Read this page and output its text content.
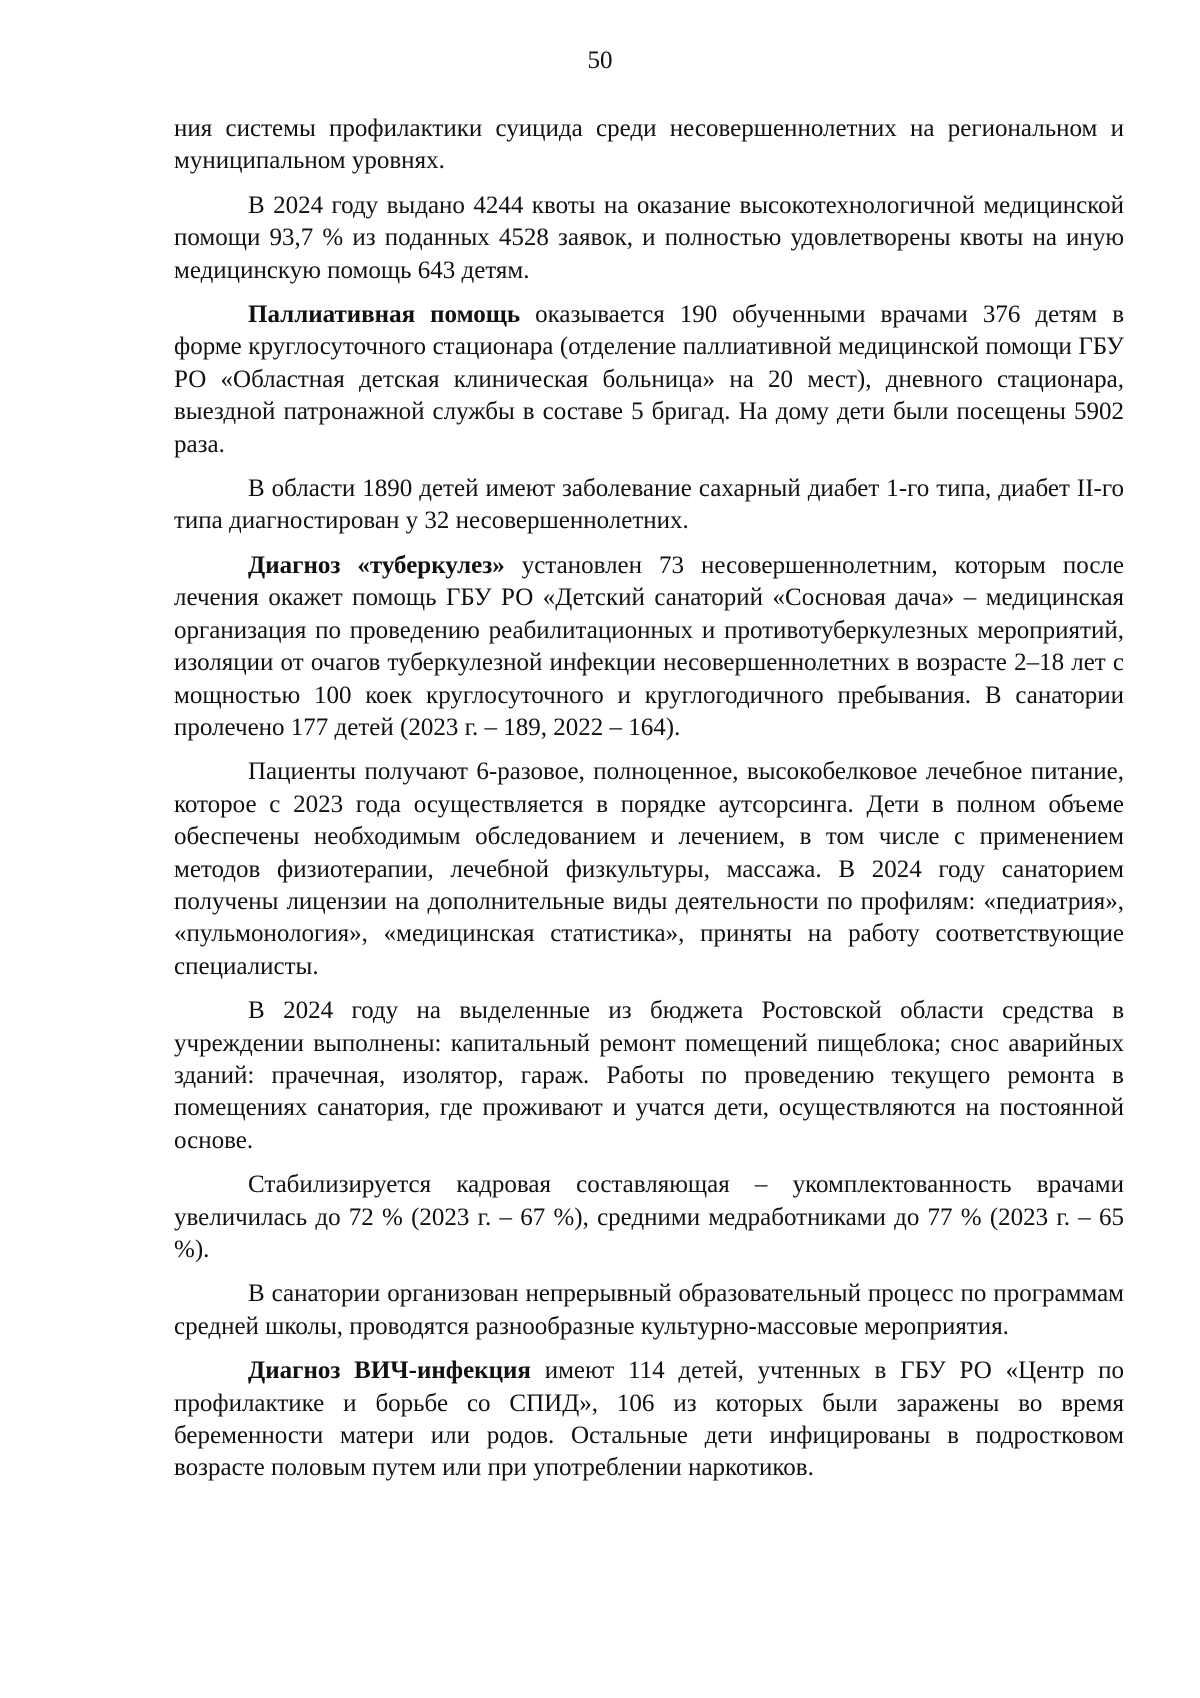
50

ния системы профилактики суицида среди несовершеннолетних на региональном и муниципальном уровнях.

В 2024 году выдано 4244 квоты на оказание высокотехнологичной медицинской помощи 93,7 % из поданных 4528 заявок, и полностью удовлетворены квоты на иную медицинскую помощь 643 детям.

Паллиативная помощь оказывается 190 обученными врачами 376 детям в форме круглосуточного стационара (отделение паллиативной медицинской помощи ГБУ РО «Областная детская клиническая больница» на 20 мест), дневного стационара, выездной патронажной службы в составе 5 бригад. На дому дети были посещены 5902 раза.

В области 1890 детей имеют заболевание сахарный диабет 1-го типа, диабет II-го типа диагностирован у 32 несовершеннолетних.

Диагноз «туберкулез» установлен 73 несовершеннолетним, которым после лечения окажет помощь ГБУ РО «Детский санаторий «Сосновая дача» – медицинская организация по проведению реабилитационных и противотуберкулезных мероприятий, изоляции от очагов туберкулезной инфекции несовершеннолетних в возрасте 2–18 лет с мощностью 100 коек круглосуточного и круглогодичного пребывания. В санатории пролечено 177 детей (2023 г. – 189, 2022 – 164).

Пациенты получают 6-разовое, полноценное, высокобелковое лечебное питание, которое с 2023 года осуществляется в порядке аутсорсинга. Дети в полном объеме обеспечены необходимым обследованием и лечением, в том числе с применением методов физиотерапии, лечебной физкультуры, массажа. В 2024 году санаторием получены лицензии на дополнительные виды деятельности по профилям: «педиатрия», «пульмонология», «медицинская статистика», приняты на работу соответствующие специалисты.

В 2024 году на выделенные из бюджета Ростовской области средства в учреждении выполнены: капитальный ремонт помещений пищеблока; снос аварийных зданий: прачечная, изолятор, гараж. Работы по проведению текущего ремонта в помещениях санатория, где проживают и учатся дети, осуществляются на постоянной основе.

Стабилизируется кадровая составляющая – укомплектованность врачами увеличилась до 72 % (2023 г. – 67 %), средними медработниками до 77 % (2023 г. – 65 %).

В санатории организован непрерывный образовательный процесс по программам средней школы, проводятся разнообразные культурно-массовые мероприятия.

Диагноз ВИЧ-инфекция имеют 114 детей, учтенных в ГБУ РО «Центр по профилактике и борьбе со СПИД», 106 из которых были заражены во время беременности матери или родов. Остальные дети инфицированы в подростковом возрасте половым путем или при употреблении наркотиков.
